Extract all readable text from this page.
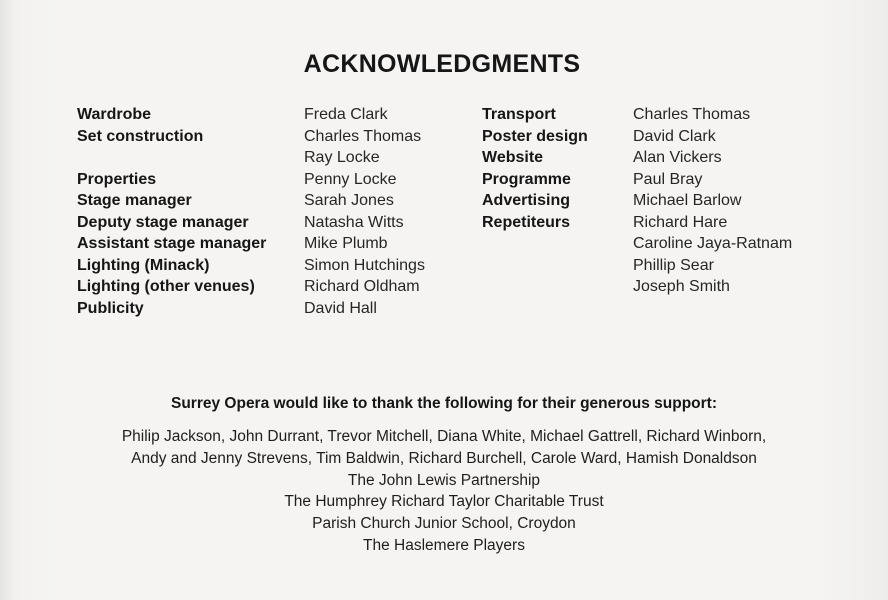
ACKNOWLEDGMENTS
Wardrobe
Set construction
Properties
Stage manager
Deputy stage manager
Assistant stage manager
Lighting (Minack)
Lighting (other venues)
Publicity
Freda Clark
Charles Thomas
Ray Locke
Penny Locke
Sarah Jones
Natasha Witts
Mike Plumb
Simon Hutchings
Richard Oldham
David Hall
Transport
Poster design
Website
Programme
Advertising
Repetiteurs
Charles Thomas
David Clark
Alan Vickers
Paul Bray
Michael Barlow
Richard Hare
Caroline Jaya-Ratnam
Phillip Sear
Joseph Smith
Surrey Opera would like to thank the following for their generous support:
Philip Jackson, John Durrant, Trevor Mitchell, Diana White, Michael Gattrell, Richard Winborn,
Andy and Jenny Strevens, Tim Baldwin, Richard Burchell, Carole Ward, Hamish Donaldson
The John Lewis Partnership
The Humphrey Richard Taylor Charitable Trust
Parish Church Junior School, Croydon
The Haslemere Players
